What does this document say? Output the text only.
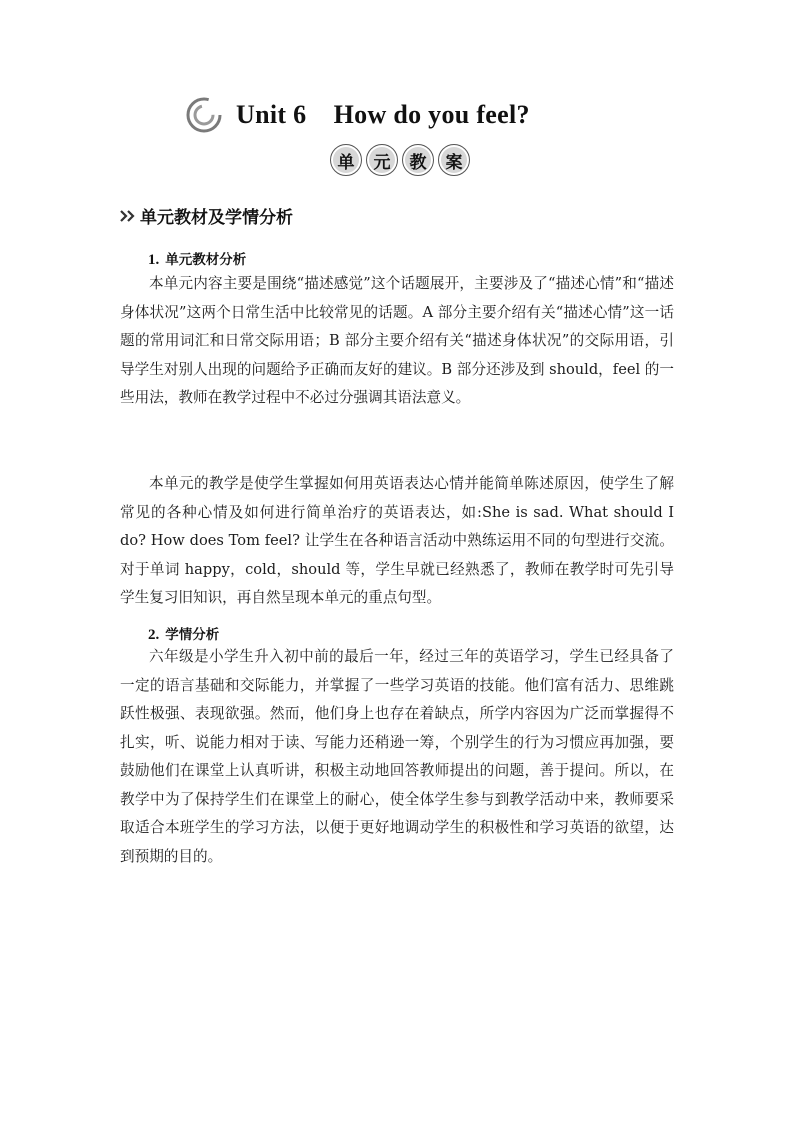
Unit 6    How do you feel?
单	元	教	案
单元教材及学情分析
1. 单元教材分析

本单元内容主要是围绕“描述感觉”这个话题展开，主要涉及了“描述心情”和“描述身体状况”这两个日常生活中比较常见的话题。A 部分主要介绍有关“描述心情”这一话题的常用词汇和日常交际用语；B 部分主要介绍有关“描述身体状况”的交际用语，引导学生对别人出现的问题给予正确而友好的建议。B 部分还涉及到 should，feel 的一些用法，教师在教学过程中不必过分强调其语法意义。

本单元的教学是使学生掌握如何用英语表达心情并能简单陈述原因，使学生了解常见的各种心情及如何进行简单治疗的英语表达，如:She is sad. What should I do? How does Tom feel? 让学生在各种语言活动中熟练运用不同的句型进行交流。对于单词 happy，cold，should 等，学生早就已经熟悉了，教师在教学时可先引导学生复习旧知识，再自然呈现本单元的重点句型。

2. 学情分析

六年级是小学生升入初中前的最后一年，经过三年的英语学习，学生已经具备了一定的语言基础和交际能力，并掌握了一些学习英语的技能。他们富有活力、思维跳跃性极强、表现欲强。然而，他们身上也存在着缺点，所学内容因为广泛而掌握得不扎实，听、说能力相对于读、写能力还稍逊一筹，个别学生的行为习惯应再加强，要鼓励他们在课堂上认真听讲，积极主动地回答教师提出的问题，善于提问。所以，在教学中为了保持学生们在课堂上的耐心，使全体学生参与到教学活动中来，教师要采取适合本班学生的学习方法，以便于更好地调动学生的积极性和学习英语的欲望，达到预期的目的。
